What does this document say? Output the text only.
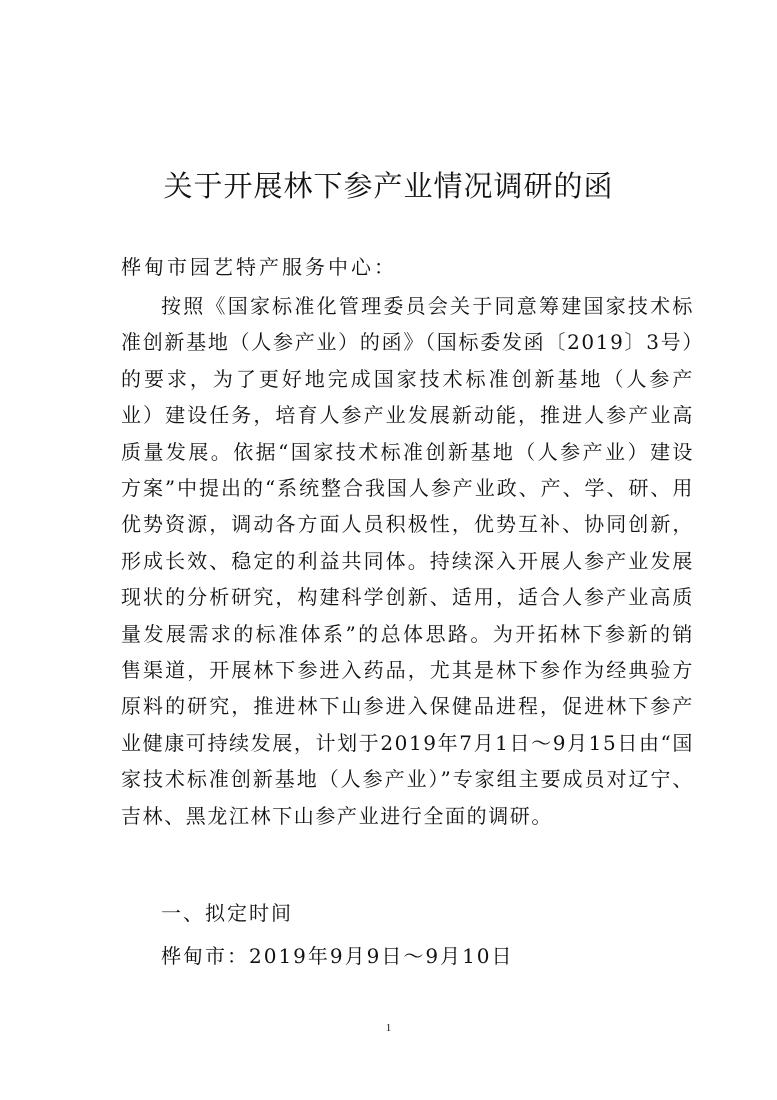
关于开展林下参产业情况调研的函
桦甸市园艺特产服务中心：

按照《国家标准化管理委员会关于同意筹建国家技术标准创新基地（人参产业）的函》（国标委发函〔2019〕3号）的要求，为了更好地完成国家技术标准创新基地（人参产业）建设任务，培育人参产业发展新动能，推进人参产业高质量发展。依据“国家技术标准创新基地（人参产业）建设方案”中提出的“系统整合我国人参产业政、产、学、研、用优势资源，调动各方面人员积极性，优势互补、协同创新，形成长效、稳定的利益共同体。持续深入开展人参产业发展现状的分析研究，构建科学创新、适用，适合人参产业高质量发展需求的标准体系”的总体思路。为开拓林下参新的销售渠道，开展林下参进入药品，尤其是林下参作为经典验方原料的研究，推进林下山参进入保健品进程，促进林下参产业健康可持续发展，计划于2019年7月1日～9月15日由“国家技术标准创新基地（人参产业）”专家组主要成员对辽宁、吉林、黑龙江林下山参产业进行全面的调研。

一、拟定时间
桦甸市：2019年9月9日～9月10日
1
